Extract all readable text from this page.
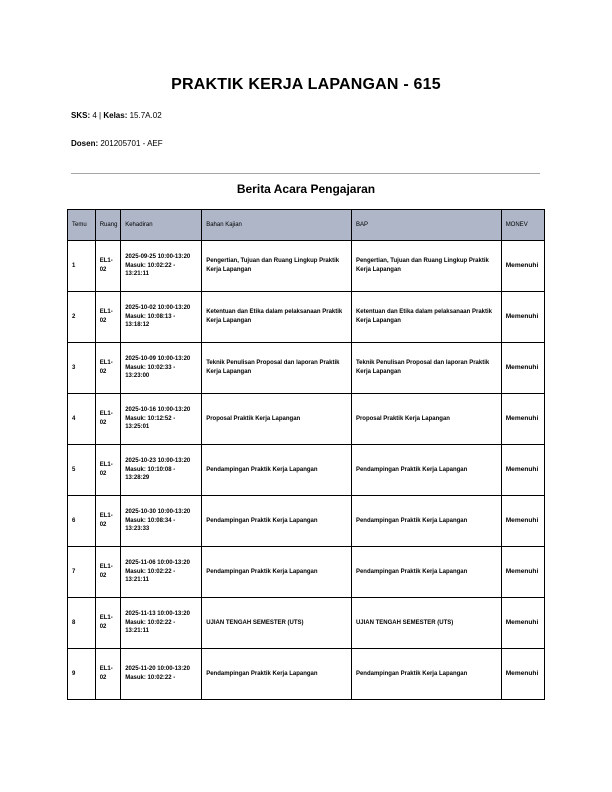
PRAKTIK KERJA LAPANGAN - 615
SKS: 4 | Kelas: 15.7A.02
Dosen: 201205701 - AEF
Berita Acara Pengajaran
Temu	Ruang	Kehadiran	Bahan Kajian	BAP	MONEV
1	EL1-02	2025-09-25 10:00-13:20 Masuk: 10:02:22 - 13:21:11	Pengertian, Tujuan dan Ruang Lingkup Praktik Kerja Lapangan	Pengertian, Tujuan dan Ruang Lingkup Praktik Kerja Lapangan	Memenuhi
2	EL1-02	2025-10-02 10:00-13:20 Masuk: 10:08:13 - 13:18:12	Ketentuan dan Etika dalam pelaksanaan Praktik Kerja Lapangan	Ketentuan dan Etika dalam pelaksanaan Praktik Kerja Lapangan	Memenuhi
3	EL1-02	2025-10-09 10:00-13:20 Masuk: 10:02:33 - 13:23:00	Teknik Penulisan Proposal dan laporan Praktik Kerja Lapangan	Teknik Penulisan Proposal dan laporan Praktik Kerja Lapangan	Memenuhi
4	EL1-02	2025-10-16 10:00-13:20 Masuk: 10:12:52 - 13:25:01	Proposal Praktik Kerja Lapangan	Proposal Praktik Kerja Lapangan	Memenuhi
5	EL1-02	2025-10-23 10:00-13:20 Masuk: 10:10:08 - 13:28:29	Pendampingan Praktik Kerja Lapangan	Pendampingan Praktik Kerja Lapangan	Memenuhi
6	EL1-02	2025-10-30 10:00-13:20 Masuk: 10:08:34 - 13:23:33	Pendampingan Praktik Kerja Lapangan	Pendampingan Praktik Kerja Lapangan	Memenuhi
7	EL1-02	2025-11-06 10:00-13:20 Masuk: 10:02:22 - 13:21:11	Pendampingan Praktik Kerja Lapangan	Pendampingan Praktik Kerja Lapangan	Memenuhi
8	EL1-02	2025-11-13 10:00-13:20 Masuk: 10:02:22 - 13:21:11	UJIAN TENGAH SEMESTER (UTS)	UJIAN TENGAH SEMESTER (UTS)	Memenuhi
9	EL1-02	2025-11-20 10:00-13:20 Masuk: 10:02:22 -	Pendampingan Praktik Kerja Lapangan	Pendampingan Praktik Kerja Lapangan	Memenuhi
